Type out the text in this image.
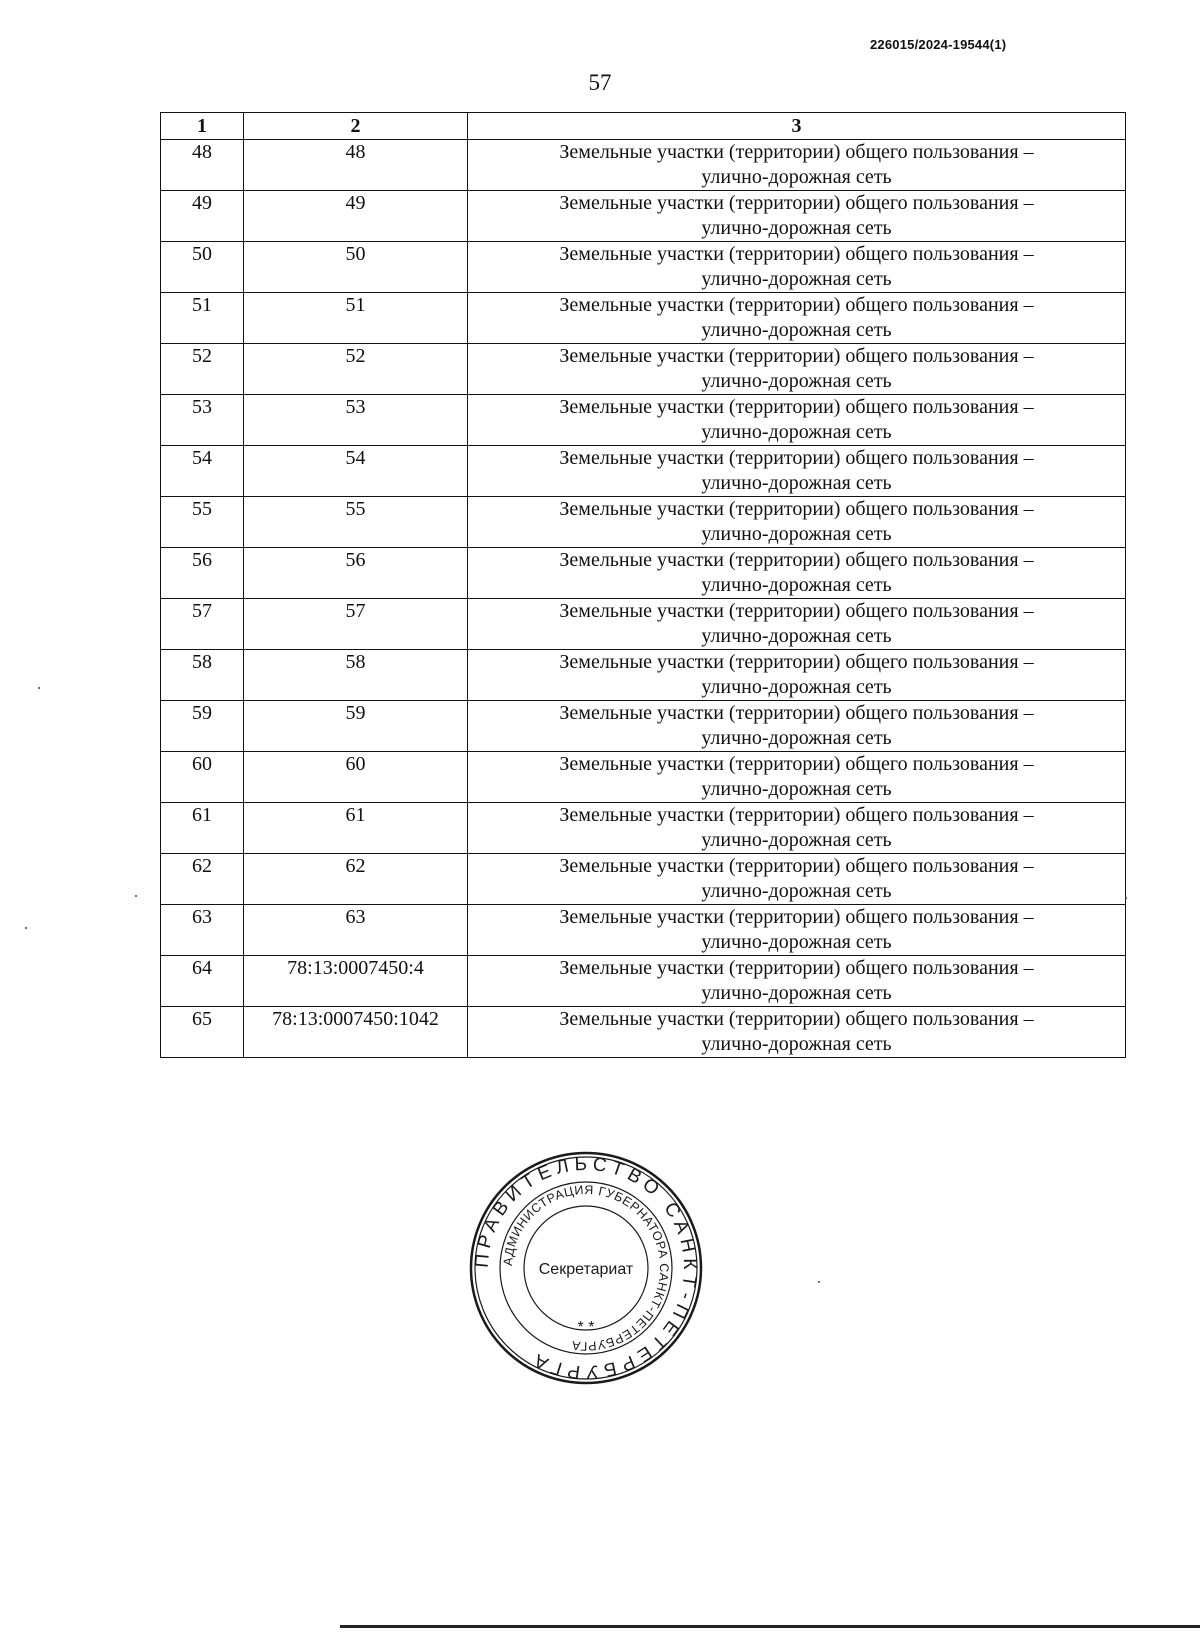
226015/2024-19544(1)
57
1	2	3
48	48	Земельные участки (территории) общего пользования –
улично-дорожная сеть

49	49	Земельные участки (территории) общего пользования –
улично-дорожная сеть

50	50	Земельные участки (территории) общего пользования –
улично-дорожная сеть

51	51	Земельные участки (территории) общего пользования –
улично-дорожная сеть

52	52	Земельные участки (территории) общего пользования –
улично-дорожная сеть

53	53	Земельные участки (территории) общего пользования –
улично-дорожная сеть

54	54	Земельные участки (территории) общего пользования –
улично-дорожная сеть

55	55	Земельные участки (территории) общего пользования –
улично-дорожная сеть

56	56	Земельные участки (территории) общего пользования –
улично-дорожная сеть

57	57	Земельные участки (территории) общего пользования –
улично-дорожная сеть

58	58	Земельные участки (территории) общего пользования –
улично-дорожная сеть

59	59	Земельные участки (территории) общего пользования –
улично-дорожная сеть

60	60	Земельные участки (территории) общего пользования –
улично-дорожная сеть

61	61	Земельные участки (территории) общего пользования –
улично-дорожная сеть

62	62	Земельные участки (территории) общего пользования –
улично-дорожная сеть

63	63	Земельные участки (территории) общего пользования –
улично-дорожная сеть

64	78:13:0007450:4	Земельные участки (территории) общего пользования –
улично-дорожная сеть

65	78:13:0007450:1042	Земельные участки (территории) общего пользования –
улично-дорожная сеть
ПРАВИТЕЛЬСТВО САНКТ-ПЕТЕРБУРГА
АДМИНИСТРАЦИЯ ГУБЕРНАТОРА САНКТ-ПЕТЕРБУРГА
Секретариат
* *
